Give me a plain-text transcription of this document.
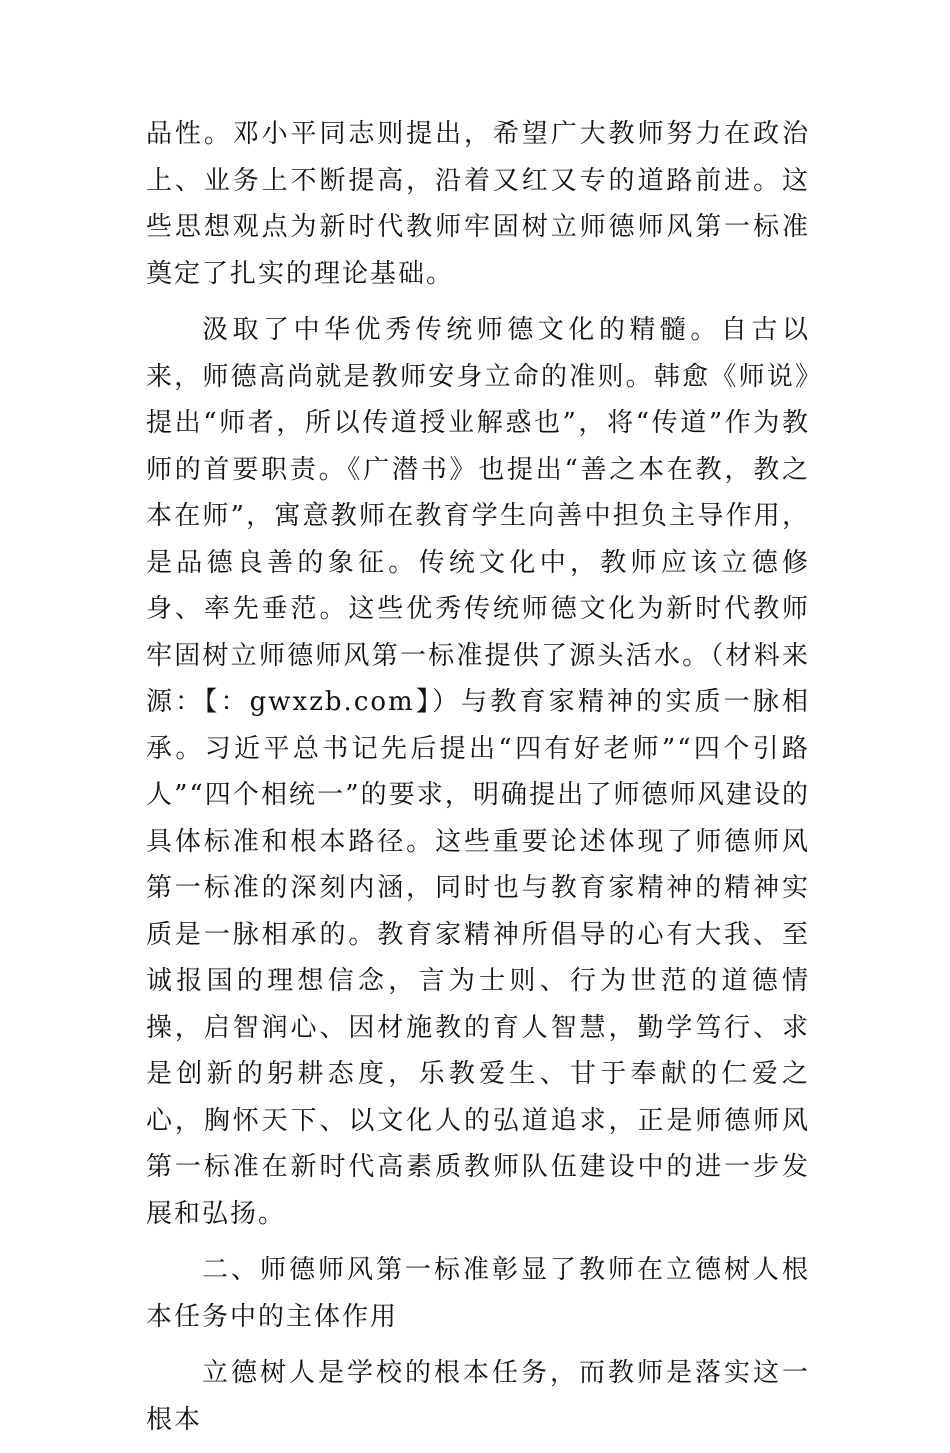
品性。邓小平同志则提出，希望广大教师努力在政治上、业务上不断提高，沿着又红又专的道路前进。这些思想观点为新时代教师牢固树立师德师风第一标准奠定了扎实的理论基础。

汲取了中华优秀传统师德文化的精髓。自古以来，师德高尚就是教师安身立命的准则。韩愈《师说》提出“师者，所以传道授业解惑也”，将“传道”作为教师的首要职责。《广潜书》也提出“善之本在教，教之本在师”，寓意教师在教育学生向善中担负主导作用，是品德良善的象征。传统文化中，教师应该立德修身、率先垂范。这些优秀传统师德文化为新时代教师牢固树立师德师风第一标准提供了源头活水。（材料来源：【：gwxzb.com】）与教育家精神的实质一脉相承。习近平总书记先后提出“四有好老师”“四个引路人”“四个相统一”的要求，明确提出了师德师风建设的具体标准和根本路径。这些重要论述体现了师德师风第一标准的深刻内涵，同时也与教育家精神的精神实质是一脉相承的。教育家精神所倡导的心有大我、至诚报国的理想信念，言为士则、行为世范的道德情操，启智润心、因材施教的育人智慧，勤学笃行、求是创新的躬耕态度，乐教爱生、甘于奉献的仁爱之心，胸怀天下、以文化人的弘道追求，正是师德师风第一标准在新时代高素质教师队伍建设中的进一步发展和弘扬。

二、师德师风第一标准彰显了教师在立德树人根本任务中的主体作用

立德树人是学校的根本任务，而教师是落实这一根本
